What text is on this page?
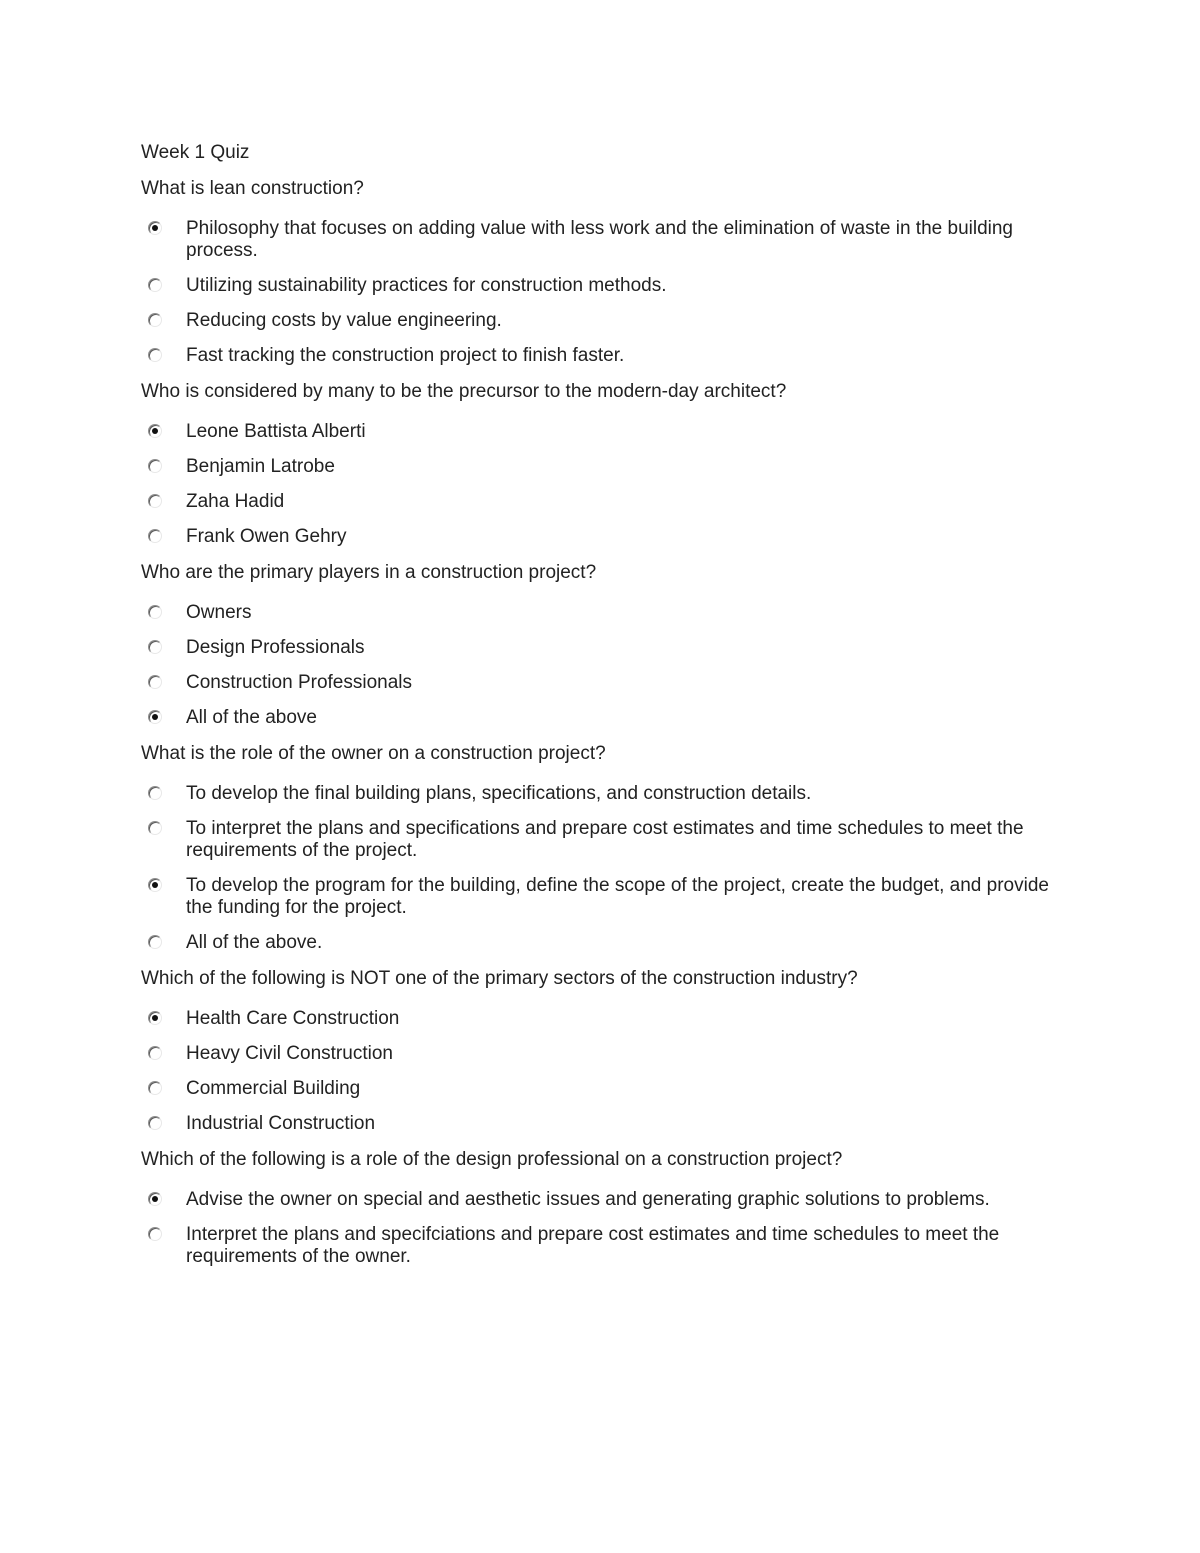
Week 1 Quiz
What is lean construction?
Philosophy that focuses on adding value with less work and the elimination of waste in the building process.
Utilizing sustainability practices for construction methods.
Reducing costs by value engineering.
Fast tracking the construction project to finish faster.
Who is considered by many to be the precursor to the modern-day architect?
Leone Battista Alberti
Benjamin Latrobe
Zaha Hadid
Frank Owen Gehry
Who are the primary players in a construction project?
Owners
Design Professionals
Construction Professionals
All of the above
What is the role of the owner on a construction project?
To develop the final building plans, specifications, and construction details.
To interpret the plans and specifications and prepare cost estimates and time schedules to meet the requirements of the project.
To develop the program for the building, define the scope of the project, create the budget, and provide the funding for the project.
All of the above.
Which of the following is NOT one of the primary sectors of the construction industry?
Health Care Construction
Heavy Civil Construction
Commercial Building
Industrial Construction
Which of the following is a role of the design professional on a construction project?
Advise the owner on special and aesthetic issues and generating graphic solutions to problems.
Interpret the plans and specifciations and prepare cost estimates and time schedules to meet the requirements of the owner.
